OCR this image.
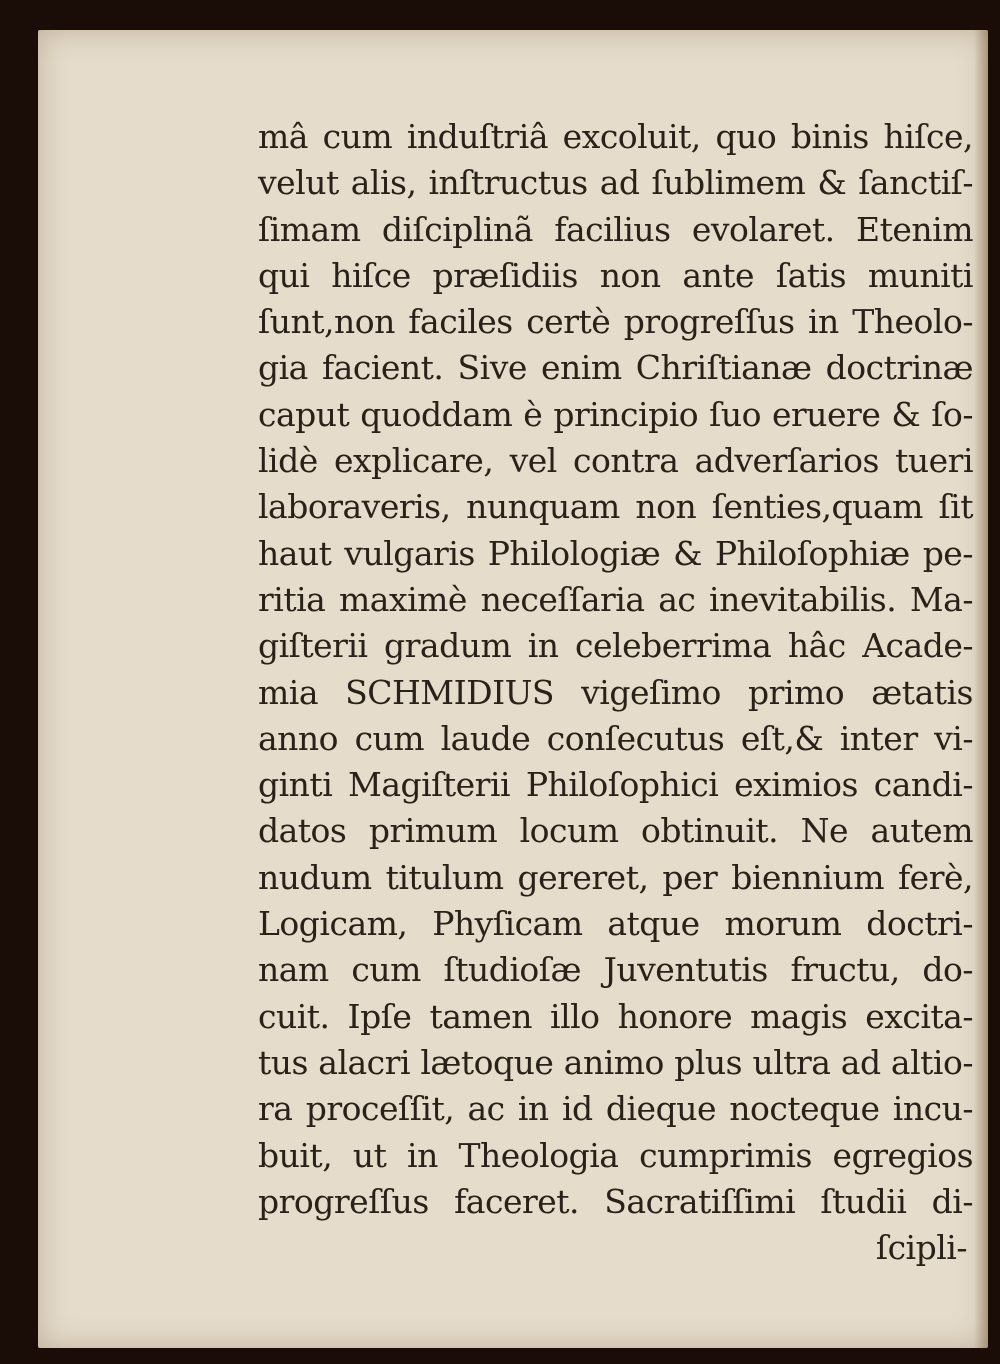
mâ cum induſtriâ excoluit, quo binis hiſce,
velut alis, inſtructus ad ſublimem & ſanctiſ-
ſimam diſciplinã facilius evolaret. Etenim
qui hiſce præſidiis non ante ſatis muniti
ſunt,non faciles certè progreſſus in Theolo-
gia facient. Sive enim Chriſtianæ doctrinæ
caput quoddam è principio ſuo eruere & ſo-
lidè explicare, vel contra adverſarios tueri
laboraveris, nunquam non ſenties,quam ſit
haut vulgaris Philologiæ & Philoſophiæ pe-
ritia maximè neceſſaria ac inevitabilis. Ma-
giſterii gradum in celeberrima hâc Acade-
mia SCHMIDIUS vigeſimo primo ætatis
anno cum laude conſecutus eſt,& inter vi-
ginti Magiſterii Philoſophici eximios candi-
datos primum locum obtinuit. Ne autem
nudum titulum gereret, per biennium ferè,
Logicam, Phyſicam atque morum doctri-
nam cum ſtudioſæ Juventutis fructu, do-
cuit. Ipſe tamen illo honore magis excita-
tus alacri lætoque animo plus ultra ad altio-
ra proceſſit, ac in id dieque nocteque incu-
buit, ut in Theologia cumprimis egregios
progreſſus faceret. Sacratiſſimi ſtudii di-
ſcipli-
